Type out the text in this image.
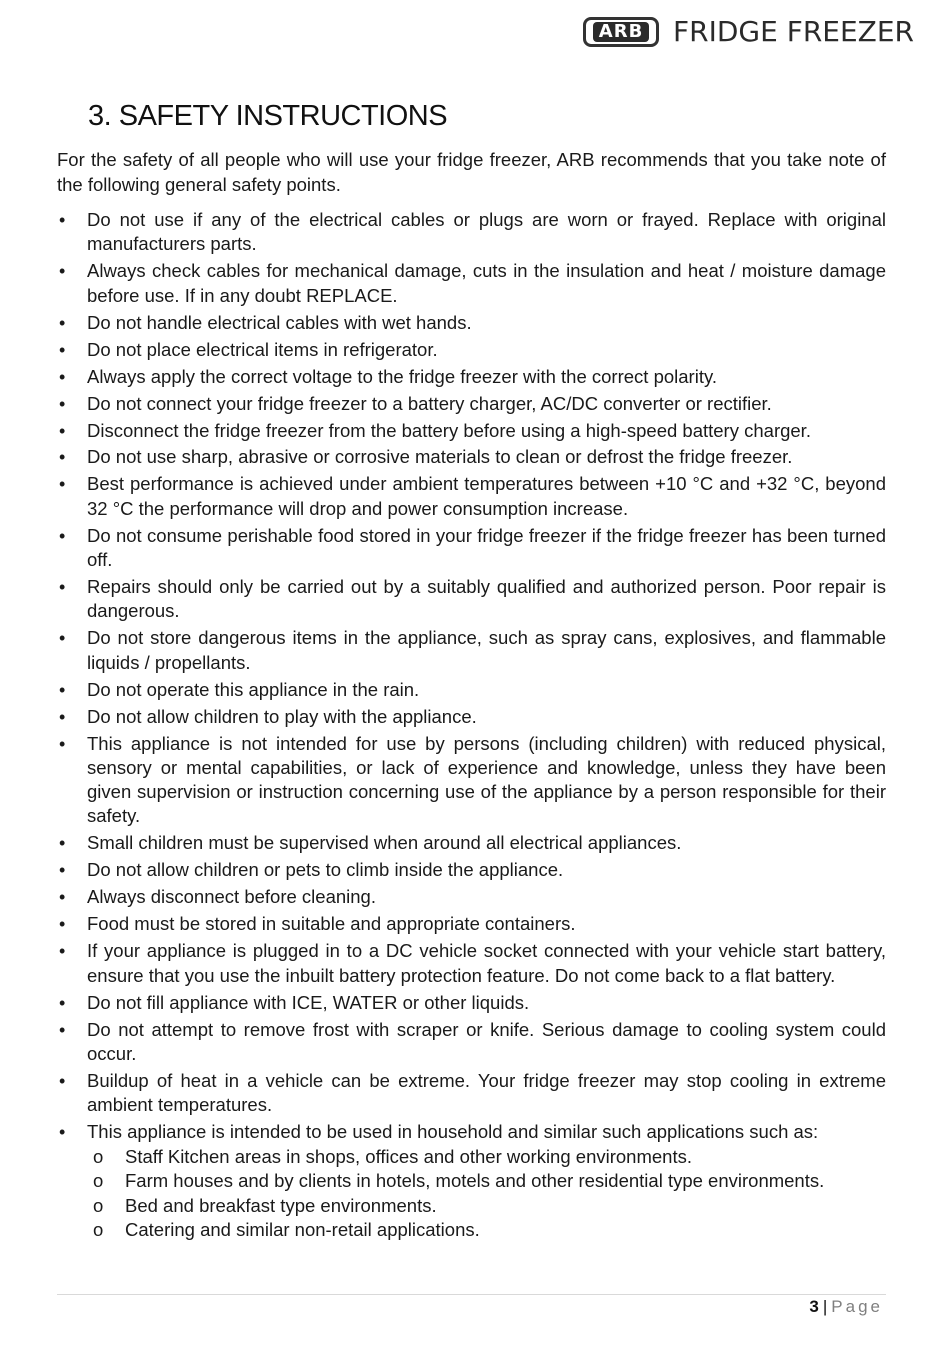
ARB FRIDGE FREEZER
3. SAFETY INSTRUCTIONS

For the safety of all people who will use your fridge freezer, ARB recommends that you take note of the following general safety points.

• Do not use if any of the electrical cables or plugs are worn or frayed. Replace with original manufacturers parts.
• Always check cables for mechanical damage, cuts in the insulation and heat / moisture damage before use. If in any doubt REPLACE.
• Do not handle electrical cables with wet hands.
• Do not place electrical items in refrigerator.
• Always apply the correct voltage to the fridge freezer with the correct polarity.
• Do not connect your fridge freezer to a battery charger, AC/DC converter or rectifier.
• Disconnect the fridge freezer from the battery before using a high-speed battery charger.
• Do not use sharp, abrasive or corrosive materials to clean or defrost the fridge freezer.
• Best performance is achieved under ambient temperatures between +10 °C and +32 °C, beyond 32 °C the performance will drop and power consumption increase.
• Do not consume perishable food stored in your fridge freezer if the fridge freezer has been turned off.
• Repairs should only be carried out by a suitably qualified and authorized person. Poor repair is dangerous.
• Do not store dangerous items in the appliance, such as spray cans, explosives, and flammable liquids / propellants.
• Do not operate this appliance in the rain.
• Do not allow children to play with the appliance.
• This appliance is not intended for use by persons (including children) with reduced physical, sensory or mental capabilities, or lack of experience and knowledge, unless they have been given supervision or instruction concerning use of the appliance by a person responsible for their safety.
• Small children must be supervised when around all electrical appliances.
• Do not allow children or pets to climb inside the appliance.
• Always disconnect before cleaning.
• Food must be stored in suitable and appropriate containers.
• If your appliance is plugged in to a DC vehicle socket connected with your vehicle start battery, ensure that you use the inbuilt battery protection feature. Do not come back to a flat battery.
• Do not fill appliance with ICE, WATER or other liquids.
• Do not attempt to remove frost with scraper or knife. Serious damage to cooling system could occur.
• Buildup of heat in a vehicle can be extreme. Your fridge freezer may stop cooling in extreme ambient temperatures.
• This appliance is intended to be used in household and similar such applications such as:
o Staff Kitchen areas in shops, offices and other working environments.
o Farm houses and by clients in hotels, motels and other residential type environments.
o Bed and breakfast type environments.
o Catering and similar non-retail applications.
3 | Page
